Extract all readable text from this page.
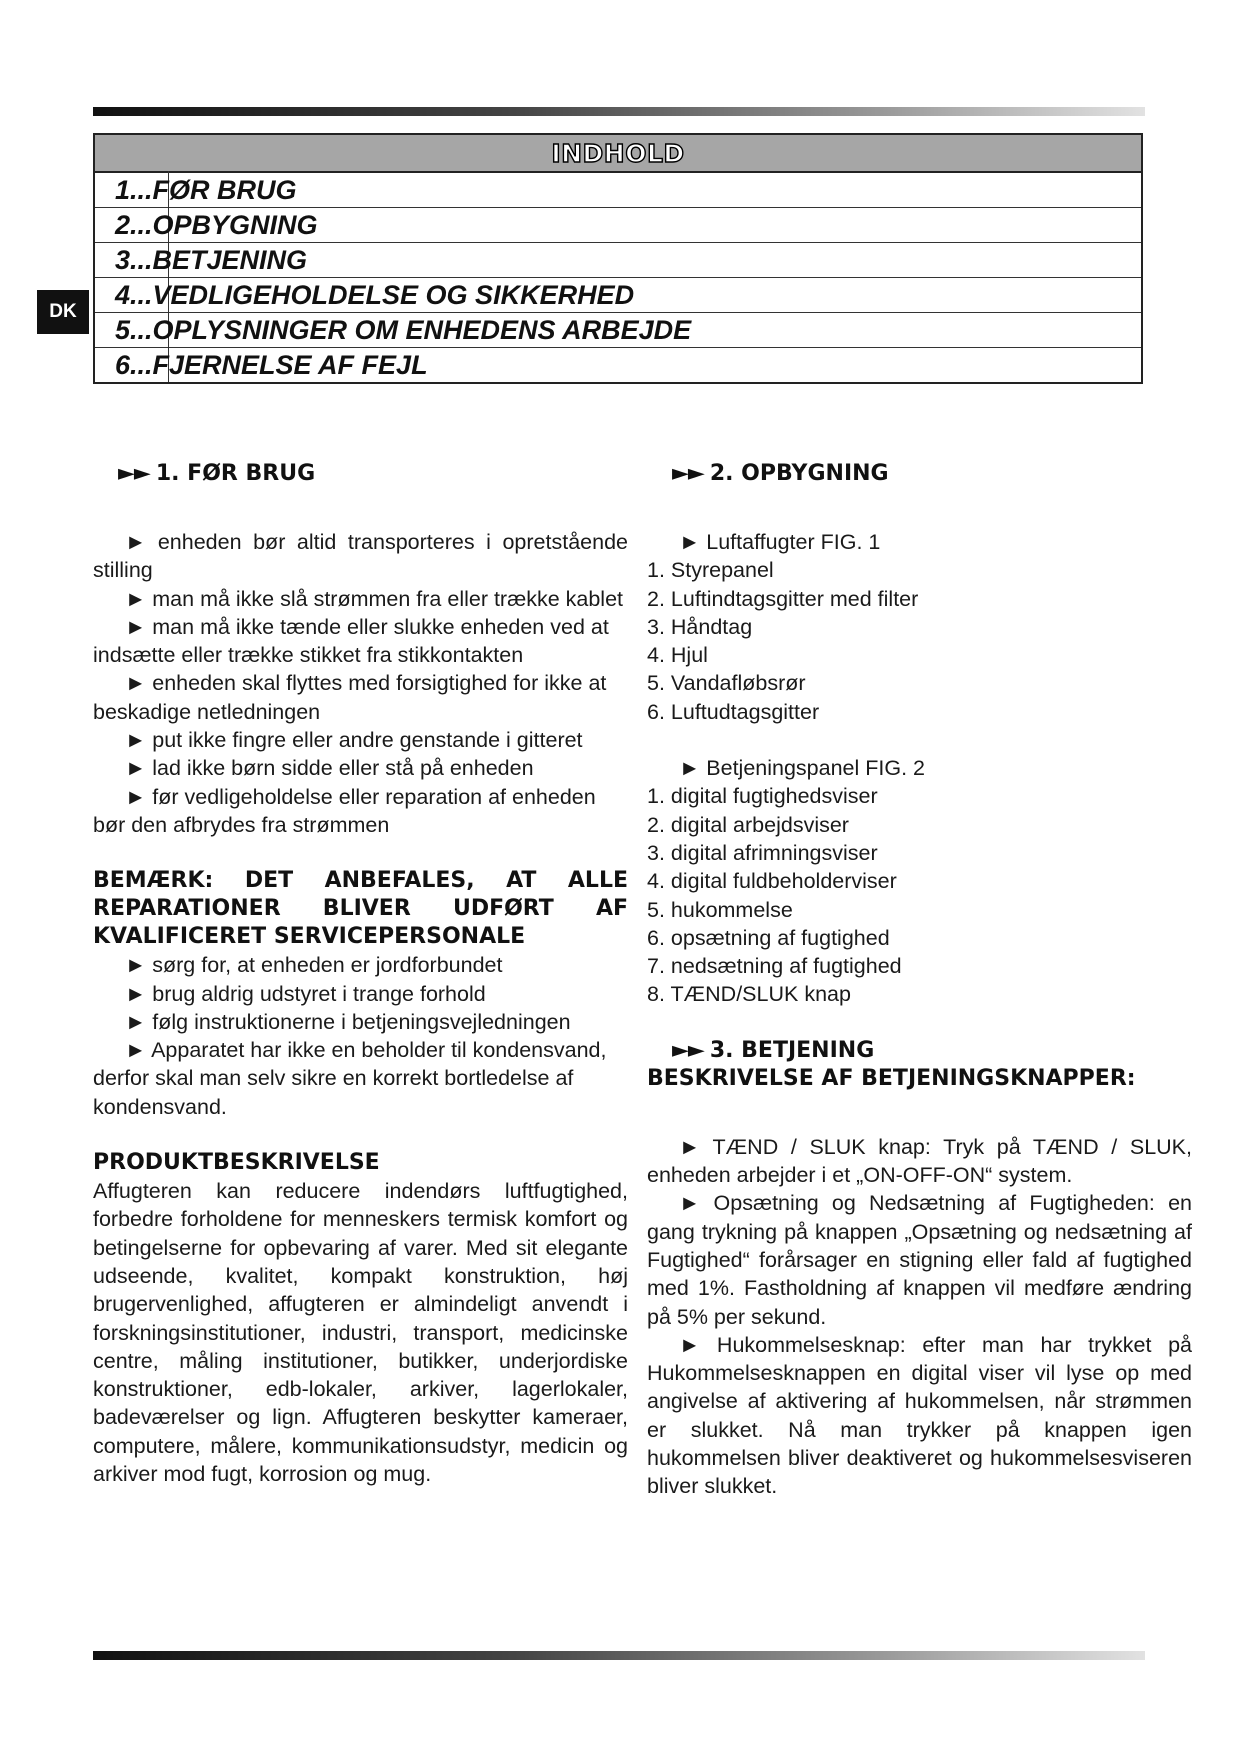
DK
INDHOLD
1...FØR BRUG
2...OPBYGNING
3...BETJENING
4...VEDLIGEHOLDELSE OG SIKKERHED
5...OPLYSNINGER OM ENHEDENS ARBEJDE
6...FJERNELSE AF FEJL
►► 1. FØR BRUG
► enheden bør altid transporteres i opretstående stilling
► man må ikke slå strømmen fra eller trække kablet
► man må ikke tænde eller slukke enheden ved at indsætte eller trække stikket fra stikkontakten
► enheden skal flyttes med forsigtighed for ikke at beskadige netledningen
► put ikke fingre eller andre genstande i gitteret
► lad ikke børn sidde eller stå på enheden
► før vedligeholdelse eller reparation af enheden bør den afbrydes fra strømmen
BEMÆRK: DET ANBEFALES, AT ALLE REPARATIONER BLIVER UDFØRT AF KVALIFICERET SERVICEPERSONALE
► sørg for, at enheden er jordforbundet
► brug aldrig udstyret i trange forhold
► følg instruktionerne i betjeningsvejledningen
► Apparatet har ikke en beholder til kondensvand, derfor skal man selv sikre en korrekt bortledelse af kondensvand.
PRODUKTBESKRIVELSE
Affugteren kan reducere indendørs luftfugtighed, forbedre forholdene for menneskers termisk komfort og betingelserne for opbevaring af varer. Med sit elegante udseende, kvalitet, kompakt konstruktion, høj brugervenlighed, affugteren er almindeligt anvendt i forskningsinstitutioner, industri, transport, medicinske centre, måling institutioner, butikker, underjordiske konstruktioner, edb-lokaler, arkiver, lagerlokaler, badeværelser og lign. Affugteren beskytter kameraer, computere, målere, kommunikationsudstyr, medicin og arkiver mod fugt, korrosion og mug.
►► 2. OPBYGNING
► Luftaffugter FIG. 1
1. Styrepanel
2. Luftindtagsgitter med filter
3. Håndtag
4. Hjul
5. Vandafløbsrør
6. Luftudtagsgitter
► Betjeningspanel FIG. 2
1. digital fugtighedsviser
2. digital arbejdsviser
3. digital afrimningsviser
4. digital fuldbeholderviser
5. hukommelse
6. opsætning af fugtighed
7. nedsætning af fugtighed
8. TÆND/SLUK knap
►► 3. BETJENING
BESKRIVELSE AF BETJENINGSKNAPPER:
► TÆND / SLUK knap: Tryk på TÆND / SLUK, enheden arbejder i et „ON-OFF-ON“ system.
► Opsætning og Nedsætning af Fugtigheden: en gang trykning på knappen „Opsætning og nedsætning af Fugtighed“ forårsager en stigning eller fald af fugtighed med 1%. Fastholdning af knappen vil medføre ændring på 5% per sekund.
► Hukommelsesknap: efter man har trykket på Hukommelsesknappen en digital viser vil lyse op med angivelse af aktivering af hukommelsen, når strømmen er slukket. Nå man trykker på knappen igen hukommelsen bliver deaktiveret og hukommelsesviseren bliver slukket.
